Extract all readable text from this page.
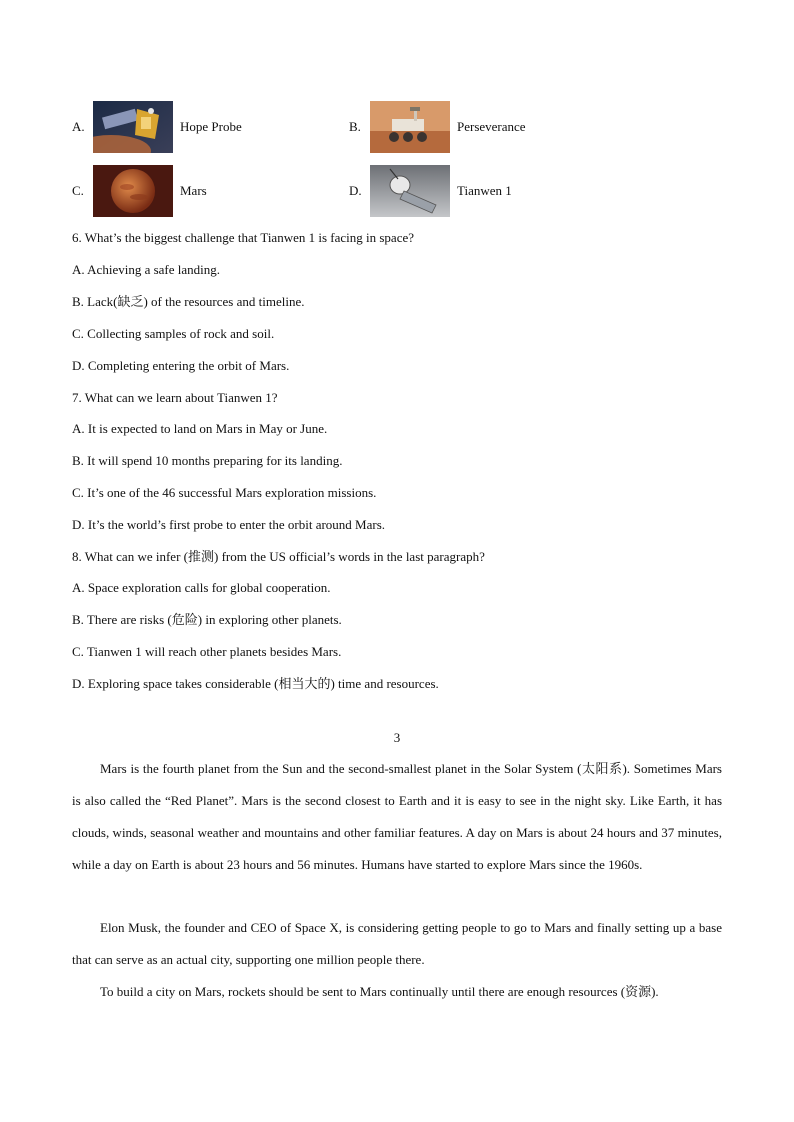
A.	Hope Probe	B.	Perseverance
C.	Mars	D.	Tianwen 1
6. What’s the biggest challenge that Tianwen 1 is facing in space?
A. Achieving a safe landing.
B. Lack(缺乏) of the resources and timeline.
C. Collecting samples of rock and soil.
D. Completing entering the orbit of Mars.
7. What can we learn about Tianwen 1?
A. It is expected to land on Mars in May or June.
B. It will spend 10 months preparing for its landing.
C. It’s one of the 46 successful Mars exploration missions.
D. It’s the world’s first probe to enter the orbit around Mars.
8. What can we infer (推测) from the US official’s words in the last paragraph?
A. Space exploration calls for global cooperation.
B. There are risks (危险) in exploring other planets.
C. Tianwen 1 will reach other planets besides Mars.
D. Exploring space takes considerable (相当大的) time and resources.
3
Mars is the fourth planet from the Sun and the second-smallest planet in the Solar System (太阳系). Sometimes Mars is also called the “Red Planet”. Mars is the second closest to Earth and it is easy to see in the night sky. Like Earth, it has clouds, winds, seasonal weather and mountains and other familiar features. A day on Mars is about 24 hours and 37 minutes, while a day on Earth is about 23 hours and 56 minutes. Humans have started to explore Mars since the 1960s.
Elon Musk, the founder and CEO of Space X, is considering getting people to go to Mars and finally setting up a base that can serve as an actual city, supporting one million people there.
To build a city on Mars, rockets should be sent to Mars continually until there are enough resources (资源).
